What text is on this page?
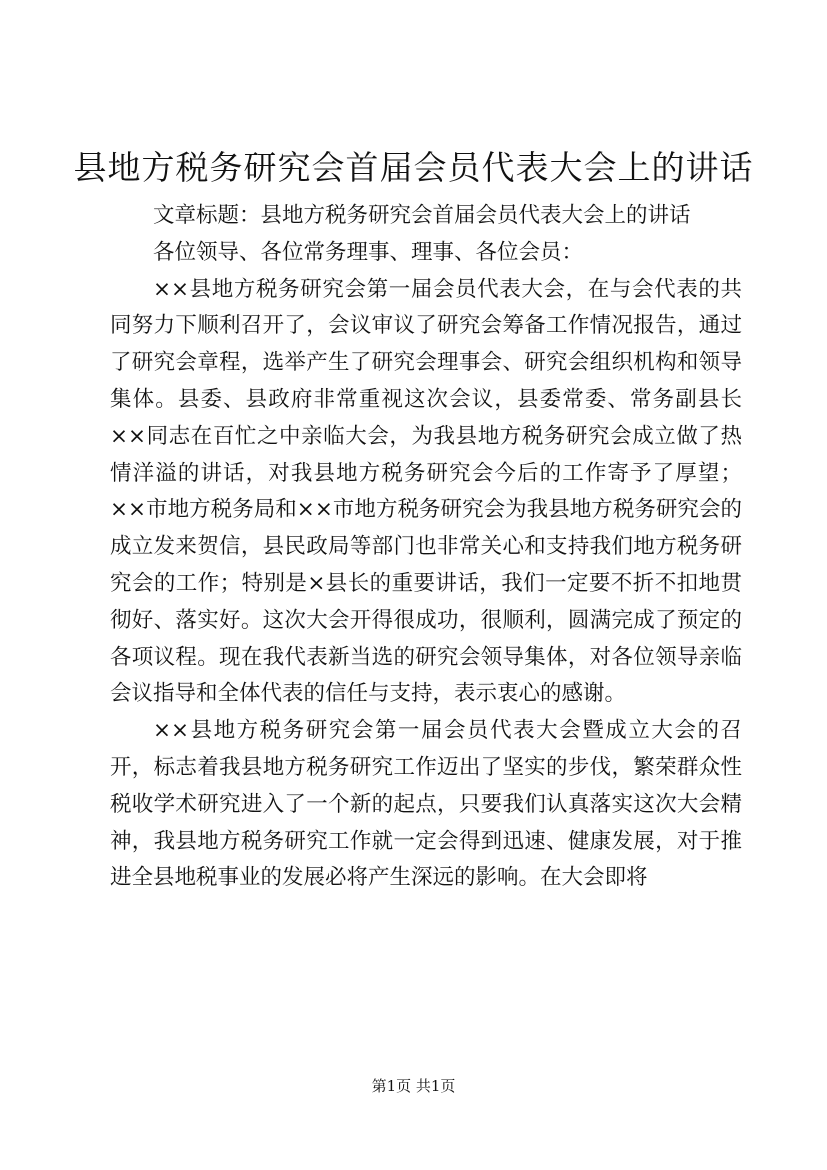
县地方税务研究会首届会员代表大会上的讲话

文章标题：县地方税务研究会首届会员代表大会上的讲话

各位领导、各位常务理事、理事、各位会员：

××县地方税务研究会第一届会员代表大会，在与会代表的共同努力下顺利召开了，会议审议了研究会筹备工作情况报告，通过了研究会章程，选举产生了研究会理事会、研究会组织机构和领导集体。县委、县政府非常重视这次会议，县委常委、常务副县长××同志在百忙之中亲临大会，为我县地方税务研究会成立做了热情洋溢的讲话，对我县地方税务研究会今后的工作寄予了厚望；××市地方税务局和××市地方税务研究会为我县地方税务研究会的成立发来贺信，县民政局等部门也非常关心和支持我们地方税务研究会的工作；特别是×县长的重要讲话，我们一定要不折不扣地贯彻好、落实好。这次大会开得很成功，很顺利，圆满完成了预定的各项议程。现在我代表新当选的研究会领导集体，对各位领导亲临会议指导和全体代表的信任与支持，表示衷心的感谢。

××县地方税务研究会第一届会员代表大会暨成立大会的召开，标志着我县地方税务研究工作迈出了坚实的步伐，繁荣群众性税收学术研究进入了一个新的起点，只要我们认真落实这次大会精神，我县地方税务研究工作就一定会得到迅速、健康发展，对于推进全县地税事业的发展必将产生深远的影响。在大会即将

第1页 共1页
